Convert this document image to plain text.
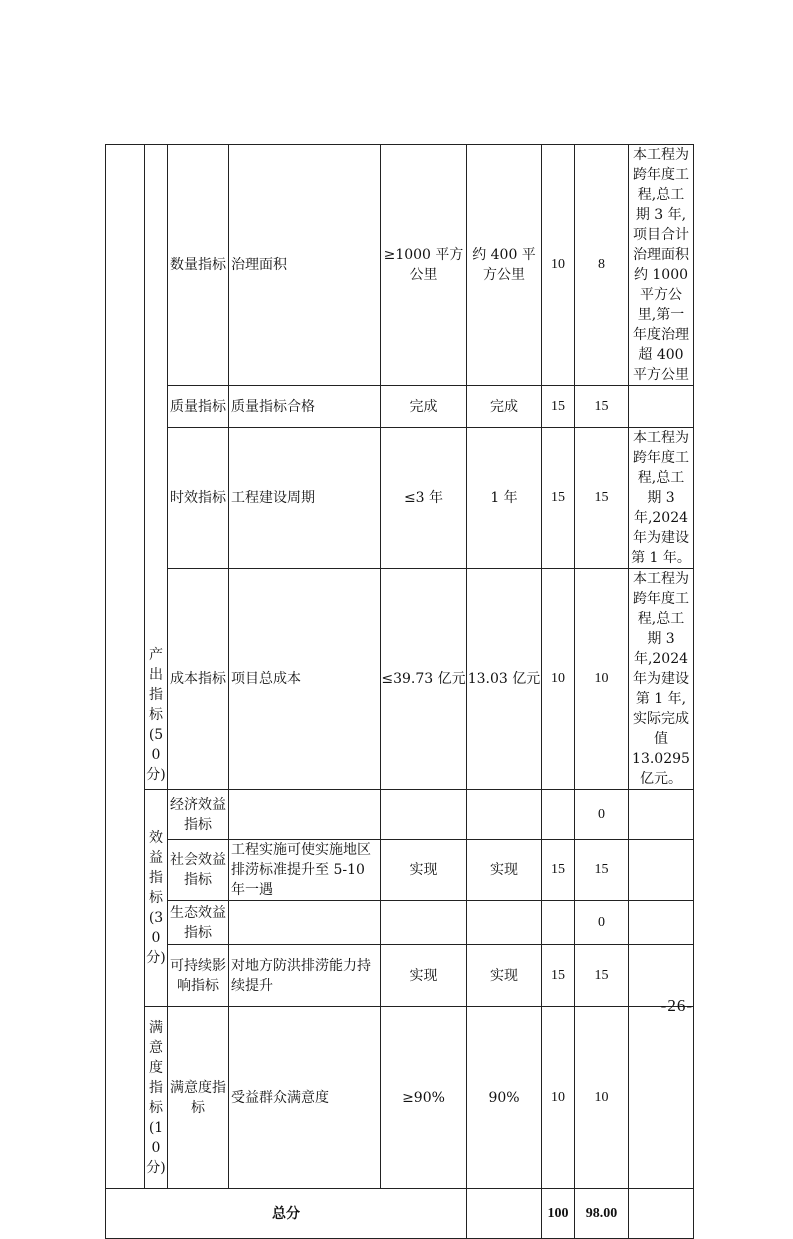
	产出指标(50分)	数量指标	治理面积	≥1000 平方公里	约 400 平方公里	10	8	本工程为跨年度工程,总工期 3 年,项目合计治理面积约 1000 平方公里,第一年度治理超 400 平方公里
		质量指标	质量指标合格	完成	完成	15	15	
		时效指标	工程建设周期	≤3 年	1 年	15	15	本工程为跨年度工程,总工期 3 年,2024 年为建设第 1 年。
		成本指标	项目总成本	≤39.73 亿元	13.03 亿元	10	10	本工程为跨年度工程,总工期 3 年,2024 年为建设第 1 年,实际完成值 13.0295 亿元。
	效益指标(30分)	经济效益指标					0	
		社会效益指标	工程实施可使实施地区排涝标准提升至 5-10 年一遇	实现	实现	15	15	
		生态效益指标					0	
		可持续影响指标	对地方防洪排涝能力持续提升	实现	实现	15	15	
	满意度指标(10分)	满意度指标	受益群众满意度	≥90%	90%	10	10	

总分						100	98.00	
-26-
